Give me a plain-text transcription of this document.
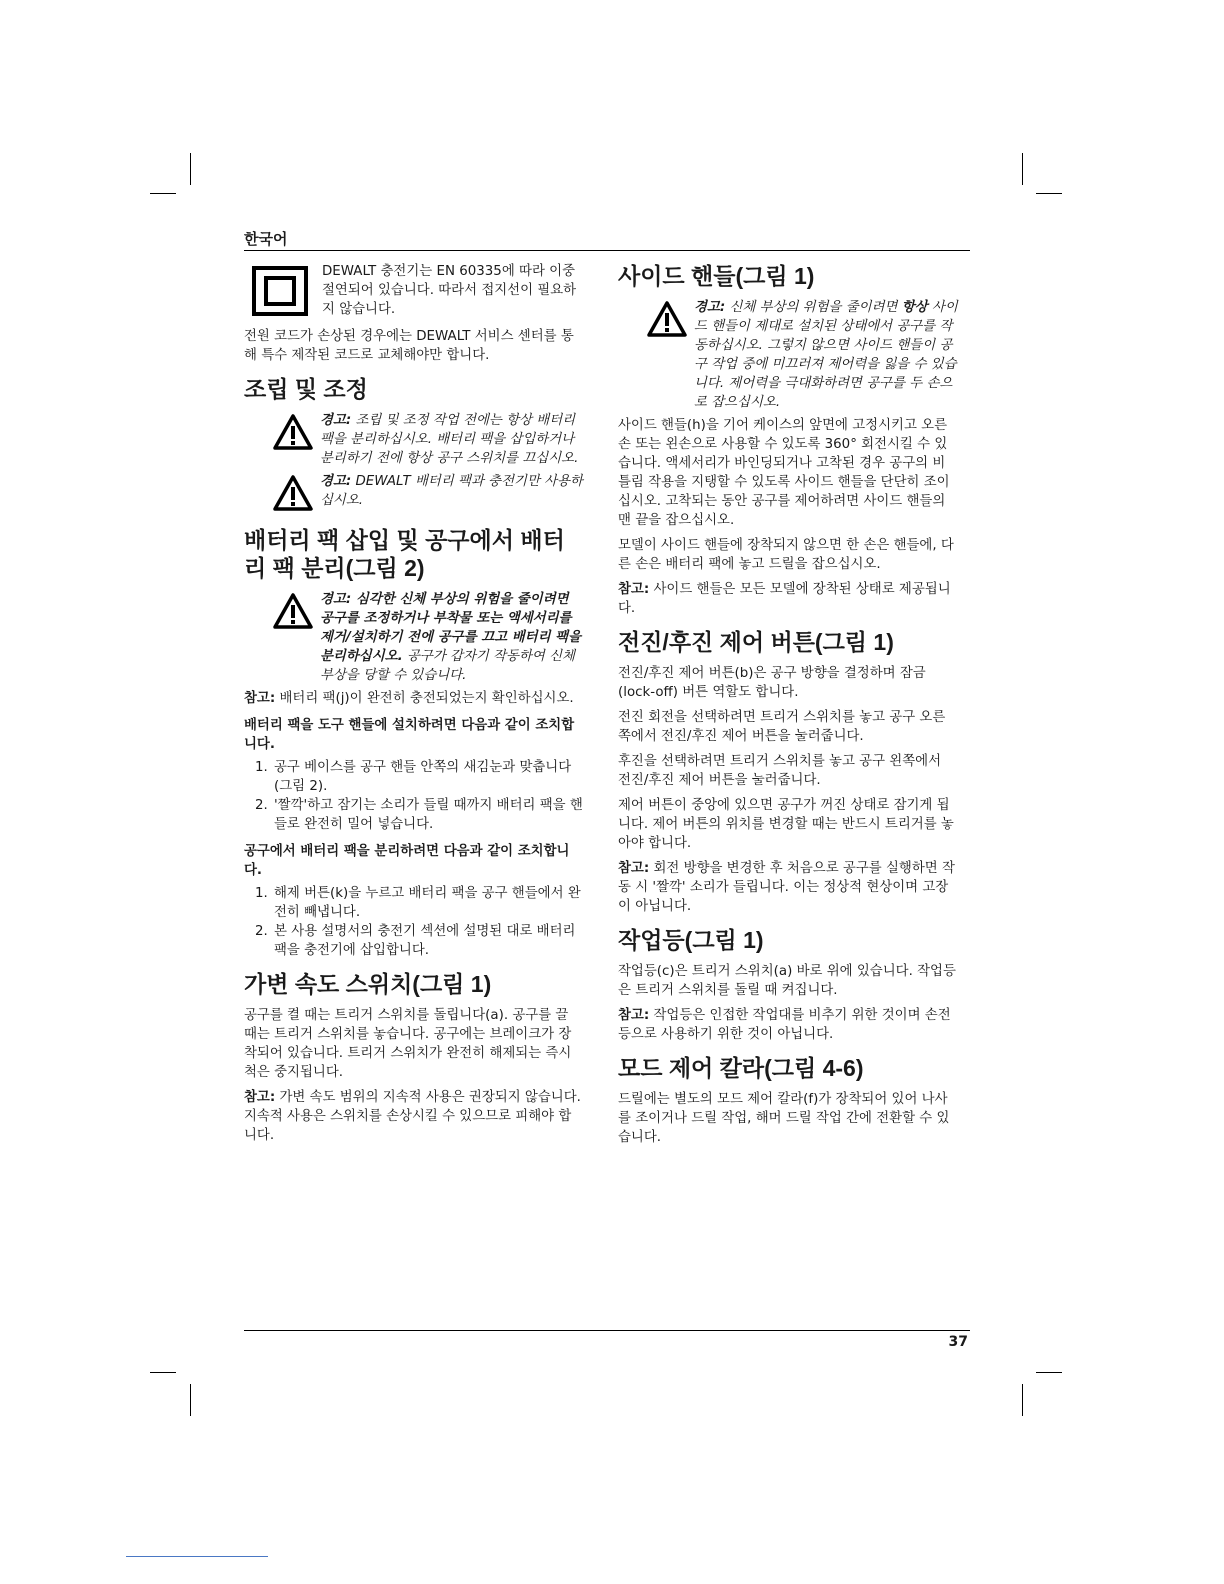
한국어

DEWALT 충전기는 EN 60335에 따라 이중 절연되어 있습니다. 따라서 접지선이 필요하지 않습니다.

전원 코드가 손상된 경우에는 DEWALT 서비스 센터를 통해 특수 제작된 코드로 교체해야만 합니다.

조립 및 조정
경고: 조립 및 조정 작업 전에는 항상 배터리 팩을 분리하십시오. 배터리 팩을 삽입하거나 분리하기 전에 항상 공구 스위치를 끄십시오.
경고: DEWALT 배터리 팩과 충전기만 사용하십시오.
배터리 팩 삽입 및 공구에서 배터리 팩 분리(그림 2)
경고: 심각한 신체 부상의 위험을 줄이려면 공구를 조정하거나 부착물 또는 액세서리를 제거/설치하기 전에 공구를 끄고 배터리 팩을 분리하십시오. 공구가 갑자기 작동하여 신체 부상을 당할 수 있습니다.

참고: 배터리 팩(j)이 완전히 충전되었는지 확인하십시오.

배터리 팩을 도구 핸들에 설치하려면 다음과 같이 조치합니다.
1. 공구 베이스를 공구 핸들 안쪽의 새김눈과 맞춥니다(그림 2).
2. '짤깍'하고 잠기는 소리가 들릴 때까지 배터리 팩을 핸들로 완전히 밀어 넣습니다.
공구에서 배터리 팩을 분리하려면 다음과 같이 조치합니다.
1. 해제 버튼(k)을 누르고 배터리 팩을 공구 핸들에서 완전히 빼냅니다.
2. 본 사용 설명서의 충전기 섹션에 설명된 대로 배터리 팩을 충전기에 삽입합니다.
가변 속도 스위치(그림 1)

공구를 켤 때는 트리거 스위치를 돌립니다(a). 공구를 끌 때는 트리거 스위치를 놓습니다. 공구에는 브레이크가 장착되어 있습니다. 트리거 스위치가 완전히 해제되는 즉시 척은 중지됩니다.

참고: 가변 속도 범위의 지속적 사용은 권장되지 않습니다. 지속적 사용은 스위치를 손상시킬 수 있으므로 피해야 합니다.

사이드 핸들(그림 1)
경고: 신체 부상의 위험을 줄이려면 항상 사이드 핸들이 제대로 설치된 상태에서 공구를 작동하십시오. 그렇지 않으면 사이드 핸들이 공구 작업 중에 미끄러져 제어력을 잃을 수 있습니다. 제어력을 극대화하려면 공구를 두 손으로 잡으십시오.

사이드 핸들(h)을 기어 케이스의 앞면에 고정시키고 오른손 또는 왼손으로 사용할 수 있도록 360° 회전시킬 수 있습니다. 액세서리가 바인딩되거나 고착된 경우 공구의 비틀림 작용을 지탱할 수 있도록 사이드 핸들을 단단히 조이십시오. 고착되는 동안 공구를 제어하려면 사이드 핸들의 맨 끝을 잡으십시오.

모델이 사이드 핸들에 장착되지 않으면 한 손은 핸들에, 다른 손은 배터리 팩에 놓고 드릴을 잡으십시오.

참고: 사이드 핸들은 모든 모델에 장착된 상태로 제공됩니다.

전진/후진 제어 버튼(그림 1)

전진/후진 제어 버튼(b)은 공구 방향을 결정하며 잠금(lock-off) 버튼 역할도 합니다.

전진 회전을 선택하려면 트리거 스위치를 놓고 공구 오른쪽에서 전진/후진 제어 버튼을 눌러줍니다.

후진을 선택하려면 트리거 스위치를 놓고 공구 왼쪽에서 전진/후진 제어 버튼을 눌러줍니다.

제어 버튼이 중앙에 있으면 공구가 꺼진 상태로 잠기게 됩니다. 제어 버튼의 위치를 변경할 때는 반드시 트리거를 놓아야 합니다.

참고: 회전 방향을 변경한 후 처음으로 공구를 실행하면 작동 시 '짤깍' 소리가 들립니다. 이는 정상적 현상이며 고장이 아닙니다.

작업등(그림 1)

작업등(c)은 트리거 스위치(a) 바로 위에 있습니다. 작업등은 트리거 스위치를 돌릴 때 켜집니다.

참고: 작업등은 인접한 작업대를 비추기 위한 것이며 손전등으로 사용하기 위한 것이 아닙니다.

모드 제어 칼라(그림 4-6)

드릴에는 별도의 모드 제어 칼라(f)가 장착되어 있어 나사를 조이거나 드릴 작업, 해머 드릴 작업 간에 전환할 수 있습니다.

37
